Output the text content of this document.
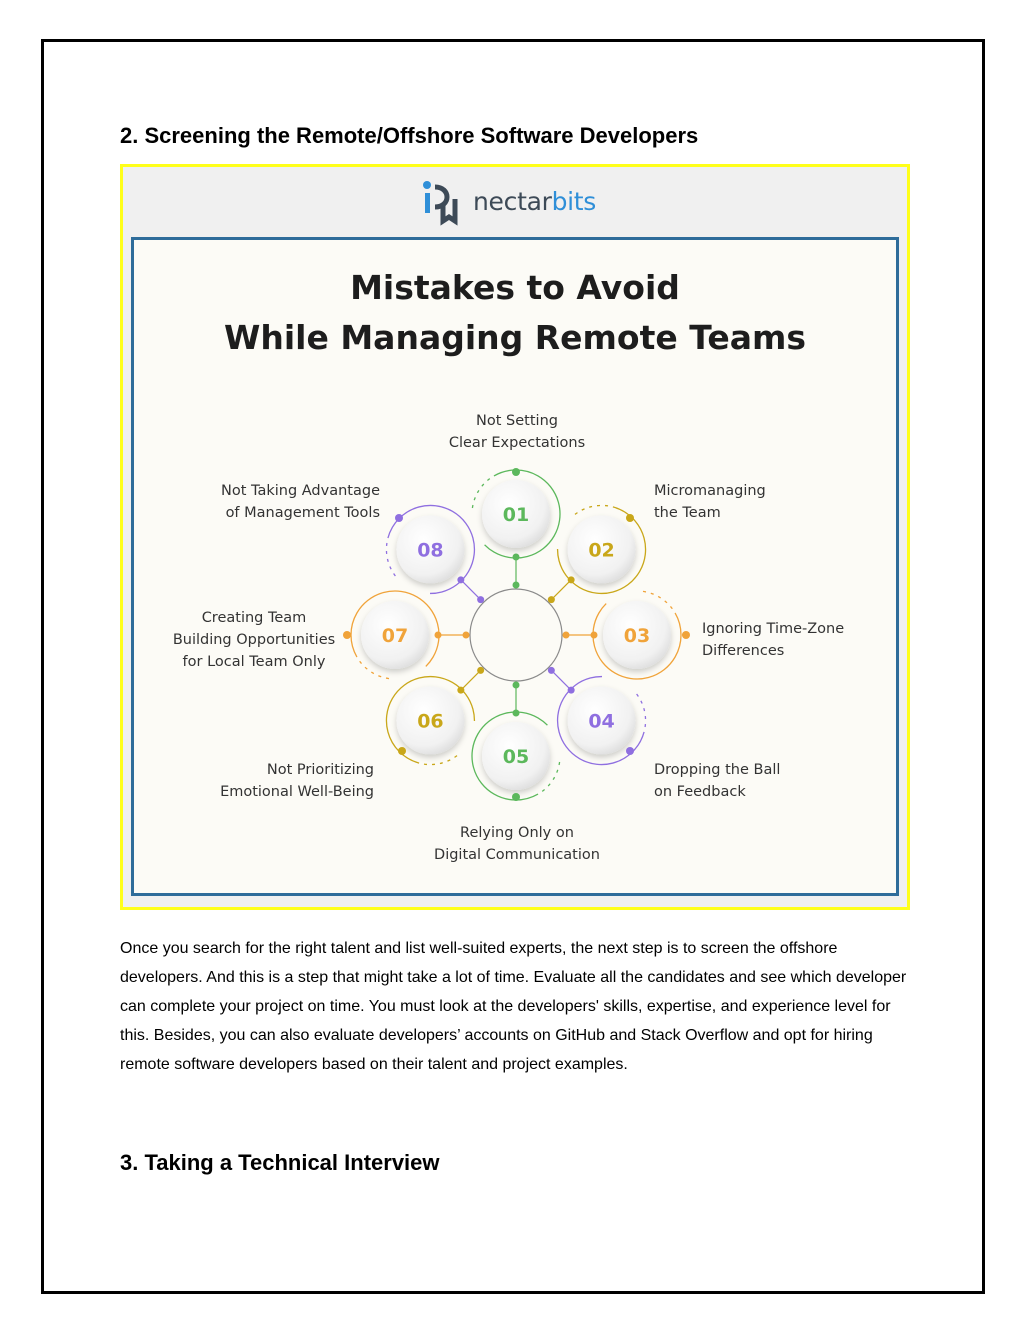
2. Screening the Remote/Offshore Software Developers
nectarbits
Mistakes to Avoid
While Managing Remote Teams
01
02
03
04
05
06
07
08
Not Setting
Clear Expectations
Micromanaging
the Team
Ignoring Time-Zone
Differences
Dropping the Ball
on Feedback
Relying Only on
Digital Communication
Not Prioritizing
Emotional Well-Being
Creating Team
Building Opportunities
for Local Team Only
Not Taking Advantage
of Management Tools

Once you search for the right talent and list well-suited experts, the next step is to screen the offshore developers. And this is a step that might take a lot of time. Evaluate all the candidates and see which developer can complete your project on time. You must look at the developers' skills, expertise, and experience level for this. Besides, you can also evaluate developers’ accounts on GitHub and Stack Overflow and opt for hiring remote software developers based on their talent and project examples.

3. Taking a Technical Interview
